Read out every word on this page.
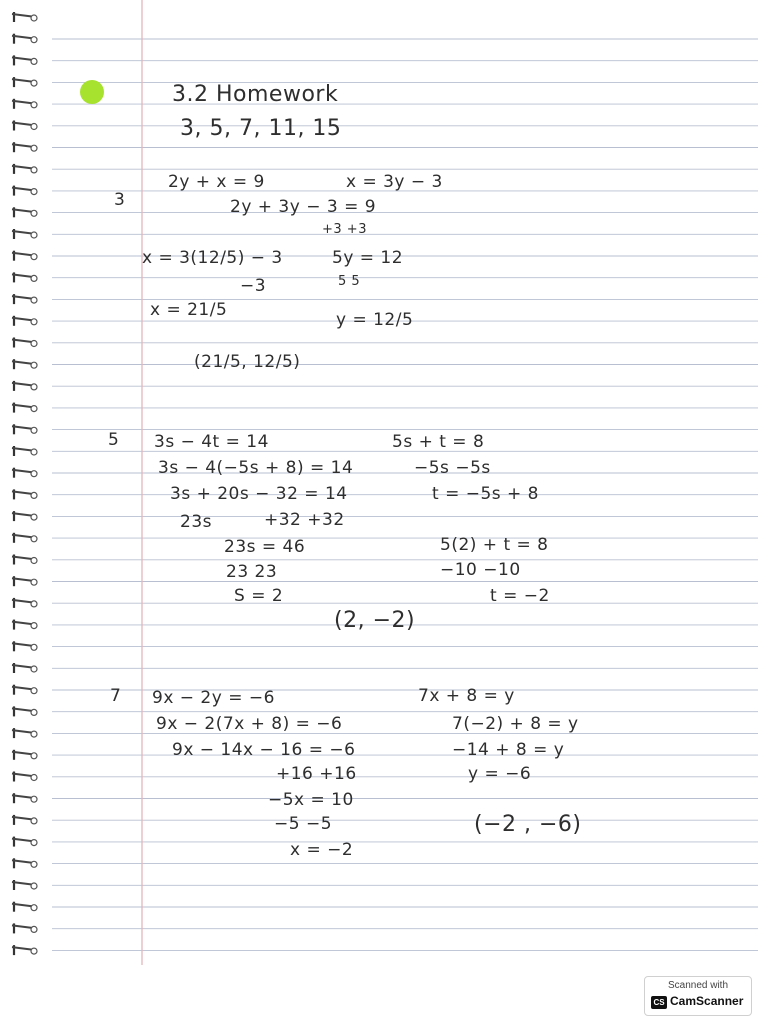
3.2 Homework
3, 5, 7, 11, 15
3
2y + x = 9	x = 3y − 3
2y + 3y − 3 = 9
+3 +3
x = 3(12/5) − 3	5y = 12
5 5
−3
x = 21/5	y = 12/5
(21/5, 12/5)
5 3s − 4t = 14	5s + t = 8
3s − 4(−5s + 8) = 14	−5s −5s
3s + 20s − 32 = 14	t = −5s + 8
23s	+32 +32
23s = 46	5(2) + t = 8
23 23	−10 −10
S = 2	t = −2
(2, −2)
7 9x − 2y = −6	7x + 8 = y
9x − 2(7x + 8) = −6	7(−2) + 8 = y
9x − 14x − 16 = −6	−14 + 8 = y
+16 +16	y = −6
−5x = 10
(−2 , −6)
−5 −5
x = −2
Scanned with
CS CamScanner
